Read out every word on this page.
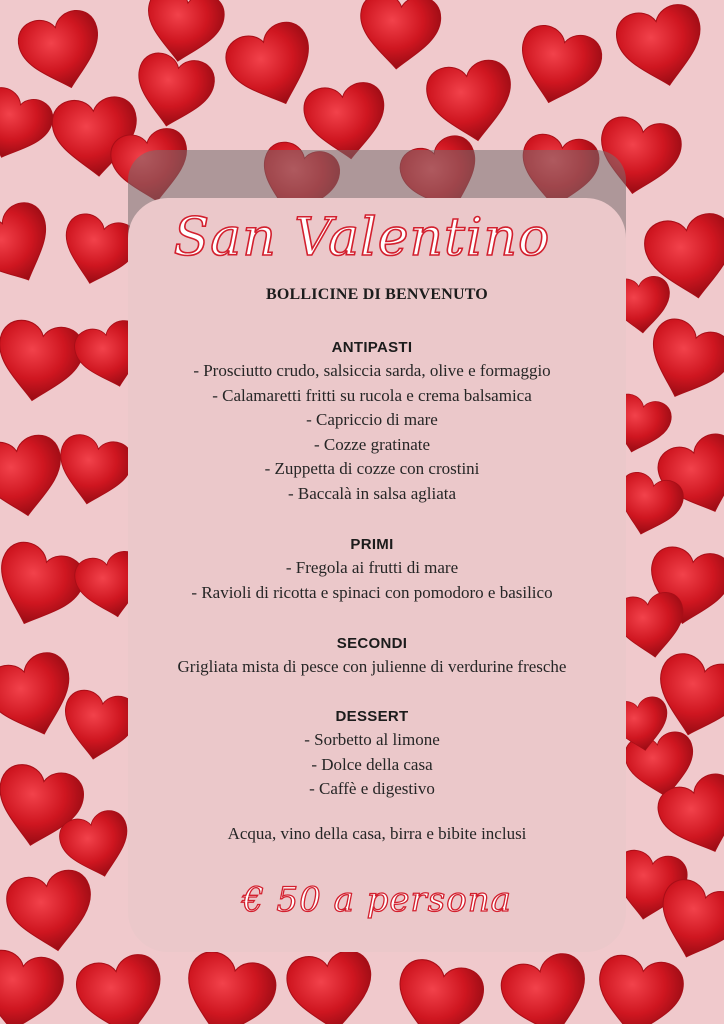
San Valentino
BOLLICINE DI BENVENUTO
ANTIPASTI
- Prosciutto crudo, salsiccia sarda, olive e formaggio
- Calamaretti fritti su rucola e crema balsamica
- Capriccio di mare
- Cozze gratinate
- Zuppetta di cozze con crostini
- Baccalà in salsa agliata
PRIMI
- Fregola ai frutti di mare
- Ravioli di ricotta e spinaci con pomodoro e basilico
SECONDI
Grigliata mista di pesce con julienne di verdurine fresche
DESSERT
- Sorbetto al limone
- Dolce della casa
- Caffè e digestivo
Acqua, vino della casa, birra e bibite inclusi
€ 50 a persona
